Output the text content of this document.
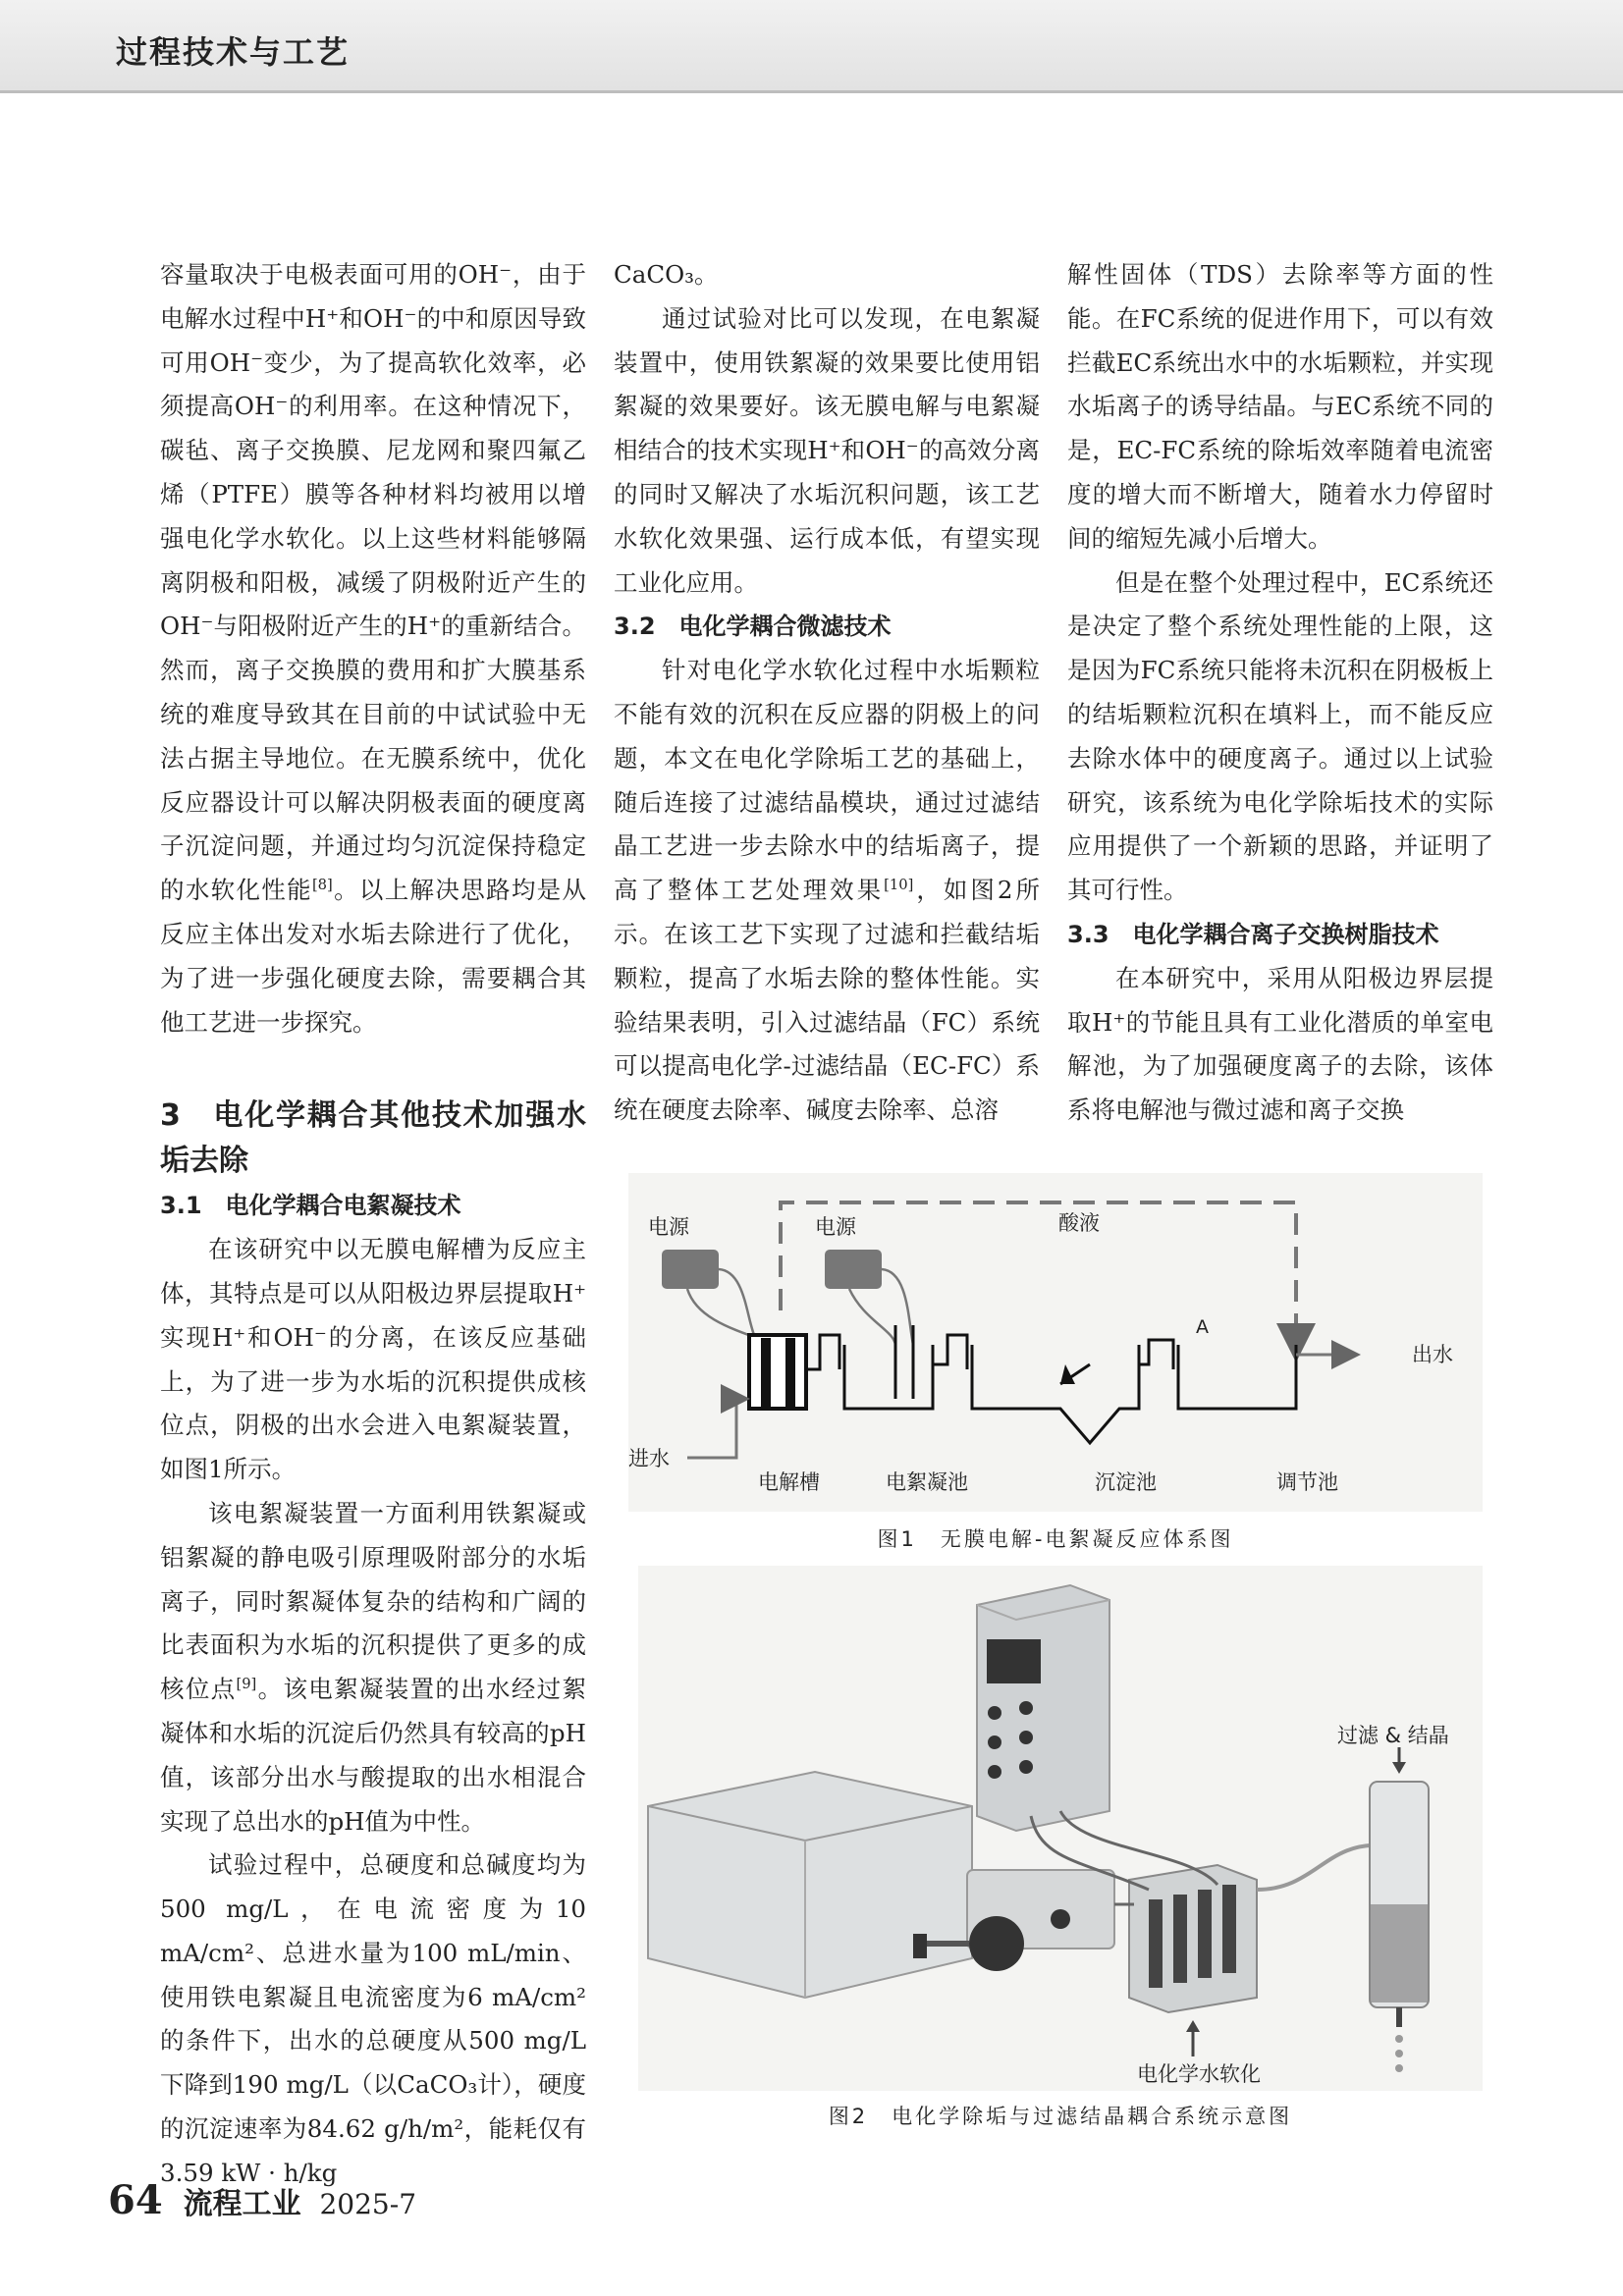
过程技术与工艺

容量取决于电极表面可用的OH⁻，由于电解水过程中H⁺和OH⁻的中和原因导致可用OH⁻变少，为了提高软化效率，必须提高OH⁻的利用率。在这种情况下，碳毡、离子交换膜、尼龙网和聚四氟乙烯（PTFE）膜等各种材料均被用以增强电化学水软化。以上这些材料能够隔离阴极和阳极，减缓了阴极附近产生的OH⁻与阳极附近产生的H⁺的重新结合。然而，离子交换膜的费用和扩大膜基系统的难度导致其在目前的中试试验中无法占据主导地位。在无膜系统中，优化反应器设计可以解决阴极表面的硬度离子沉淀问题，并通过均匀沉淀保持稳定的水软化性能[8]。以上解决思路均是从反应主体出发对水垢去除进行了优化，为了进一步强化硬度去除，需要耦合其他工艺进一步探究。

3　电化学耦合其他技术加强水垢去除
3.1　电化学耦合电絮凝技术

在该研究中以无膜电解槽为反应主体，其特点是可以从阳极边界层提取H⁺实现H⁺和OH⁻的分离，在该反应基础上，为了进一步为水垢的沉积提供成核位点，阴极的出水会进入电絮凝装置，如图1所示。

该电絮凝装置一方面利用铁絮凝或铝絮凝的静电吸引原理吸附部分的水垢离子，同时絮凝体复杂的结构和广阔的比表面积为水垢的沉积提供了更多的成核位点[9]。该电絮凝装置的出水经过絮凝体和水垢的沉淀后仍然具有较高的pH值，该部分出水与酸提取的出水相混合实现了总出水的pH值为中性。

试验过程中，总硬度和总碱度均为500 mg/L，在电流密度为10 mA/cm²、总进水量为100 mL/min、使用铁电絮凝且电流密度为6 mA/cm²的条件下，出水的总硬度从500 mg/L下降到190 mg/L（以CaCO₃计），硬度的沉淀速率为84.62 g/h/m²，能耗仅有3.59 kW · h/kg

CaCO₃。

通过试验对比可以发现，在电絮凝装置中，使用铁絮凝的效果要比使用铝絮凝的效果要好。该无膜电解与电絮凝相结合的技术实现H⁺和OH⁻的高效分离的同时又解决了水垢沉积问题，该工艺水软化效果强、运行成本低，有望实现工业化应用。

3.2　电化学耦合微滤技术

针对电化学水软化过程中水垢颗粒不能有效的沉积在反应器的阴极上的问题，本文在电化学除垢工艺的基础上，随后连接了过滤结晶模块，通过过滤结晶工艺进一步去除水中的结垢离子，提高了整体工艺处理效果[10]，如图2所示。在该工艺下实现了过滤和拦截结垢颗粒，提高了水垢去除的整体性能。实验结果表明，引入过滤结晶（FC）系统可以提高电化学-过滤结晶（EC-FC）系统在硬度去除率、碱度去除率、总溶

解性固体（TDS）去除率等方面的性能。在FC系统的促进作用下，可以有效拦截EC系统出水中的水垢颗粒，并实现水垢离子的诱导结晶。与EC系统不同的是，EC-FC系统的除垢效率随着电流密度的增大而不断增大，随着水力停留时间的缩短先减小后增大。

但是在整个处理过程中，EC系统还是决定了整个系统处理性能的上限，这是因为FC系统只能将未沉积在阴极板上的结垢颗粒沉积在填料上，而不能反应去除水体中的硬度离子。通过以上试验研究，该系统为电化学除垢技术的实际应用提供了一个新颖的思路，并证明了其可行性。

3.3　电化学耦合离子交换树脂技术

在本研究中，采用从阳极边界层提取H⁺的节能且具有工业化潜质的单室电解池，为了加强硬度离子的去除，该体系将电解池与微过滤和离子交换

电源	电源	酸液
A
出水
进水
电解槽	电絮凝池	沉淀池	调节池
图1　无膜电解-电絮凝反应体系图
过滤 & 结晶
电化学水软化
图2　电化学除垢与过滤结晶耦合系统示意图
64 流程工业 2025-7
